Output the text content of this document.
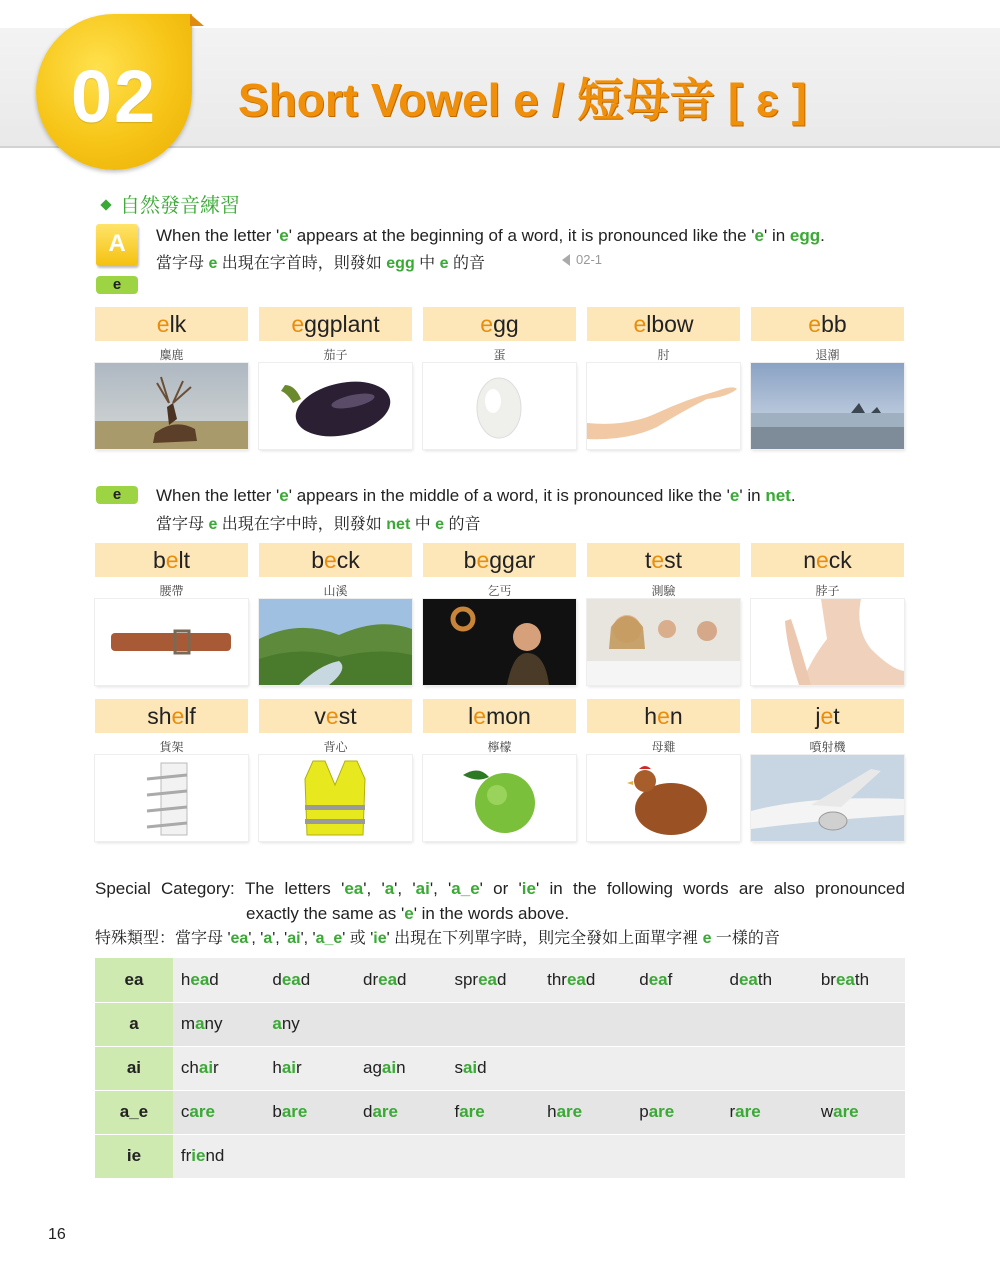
02	Short Vowel e / 短母音 [ ɛ ]
自然發音練習
A
e
When the letter 'e' appears at the beginning of a word, it is pronounced like the 'e' in egg.
當字母 e 出現在字首時，則發如 egg 中 e 的音	02-1
elk
麋鹿
eggplant
茄子
egg
蛋
elbow
肘
ebb
退潮
e	When the letter 'e' appears in the middle of a word, it is pronounced like the 'e' in net.
當字母 e 出現在字中時，則發如 net 中 e 的音
belt
腰帶
beck
山溪
beggar
乞丐
test
測驗
neck
脖子
shelf
貨架
vest
背心
lemon
檸檬
hen
母雞
jet
噴射機
Special Category: The letters 'ea', 'a', 'ai', 'a_e' or 'ie' in the following words are also pronounced
exactly the same as 'e' in the words above.
特殊類型：當字母 'ea', 'a', 'ai', 'a_e' 或 'ie' 出現在下列單字時，則完全發如上面單字裡 e 一樣的音
ea	head	dead	dread	spread	thread	deaf	death	breath
a	many	any						
ai	chair	hair	again	said				
a_e	care	bare	dare	fare	hare	pare	rare	ware
ie	friend							
16
